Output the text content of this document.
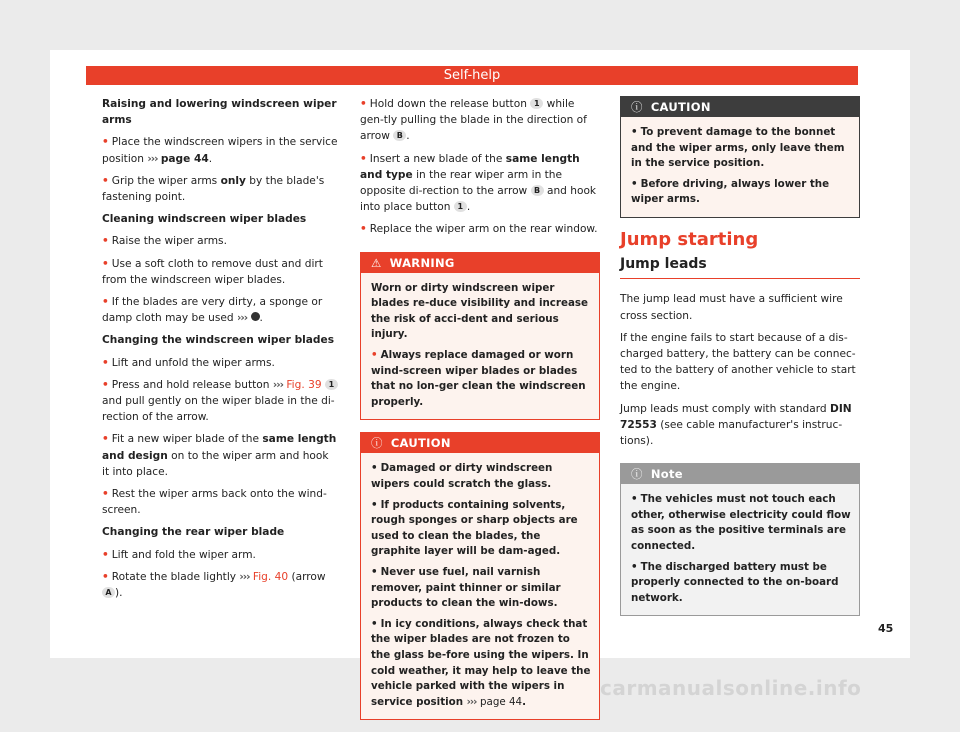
Self-help
Raising and lowering windscreen wiper arms
• Place the windscreen wipers in the service position ››› page 44.
• Grip the wiper arms only by the blade's fastening point.
Cleaning windscreen wiper blades
• Raise the wiper arms.
• Use a soft cloth to remove dust and dirt from the windscreen wiper blades.
• If the blades are very dirty, a sponge or damp cloth may be used ››› .
Changing the windscreen wiper blades
• Lift and unfold the wiper arms.
• Press and hold release button ››› Fig. 39 1 and pull gently on the wiper blade in the di-rection of the arrow.
• Fit a new wiper blade of the same length and design on to the wiper arm and hook it into place.
• Rest the wiper arms back onto the wind-screen.
Changing the rear wiper blade
• Lift and fold the wiper arm.
• Rotate the blade lightly ››› Fig. 40 (arrow A ).
• Hold down the release button 1 while gen-tly pulling the blade in the direction of arrow B .
• Insert a new blade of the same length and type in the rear wiper arm in the opposite di-rection to the arrow B and hook into place button 1 .
• Replace the wiper arm on the rear window.
⚠ WARNING
Worn or dirty windscreen wiper blades re-duce visibility and increase the risk of acci-dent and serious injury.
• Always replace damaged or worn wind-screen wiper blades or blades that no lon-ger clean the windscreen properly.
ⓘ CAUTION
• Damaged or dirty windscreen wipers could scratch the glass.
• If products containing solvents, rough sponges or sharp objects are used to clean the blades, the graphite layer will be dam-aged.
• Never use fuel, nail varnish remover, paint thinner or similar products to clean the win-dows.
• In icy conditions, always check that the wiper blades are not frozen to the glass be-fore using the wipers. In cold weather, it may help to leave the vehicle parked with the wipers in service position ››› page 44.
ⓘ CAUTION
• To prevent damage to the bonnet and the wiper arms, only leave them in the service position.
• Before driving, always lower the wiper arms.
Jump starting
Jump leads
The jump lead must have a sufficient wire cross section.
If the engine fails to start because of a dis-charged battery, the battery can be connec-ted to the battery of another vehicle to start the engine.
Jump leads must comply with standard DIN 72553 (see cable manufacturer's instruc-tions).
ⓘ Note
• The vehicles must not touch each other, otherwise electricity could flow as soon as the positive terminals are connected.
• The discharged battery must be properly connected to the on-board network.
45
carmanualsonline.info
